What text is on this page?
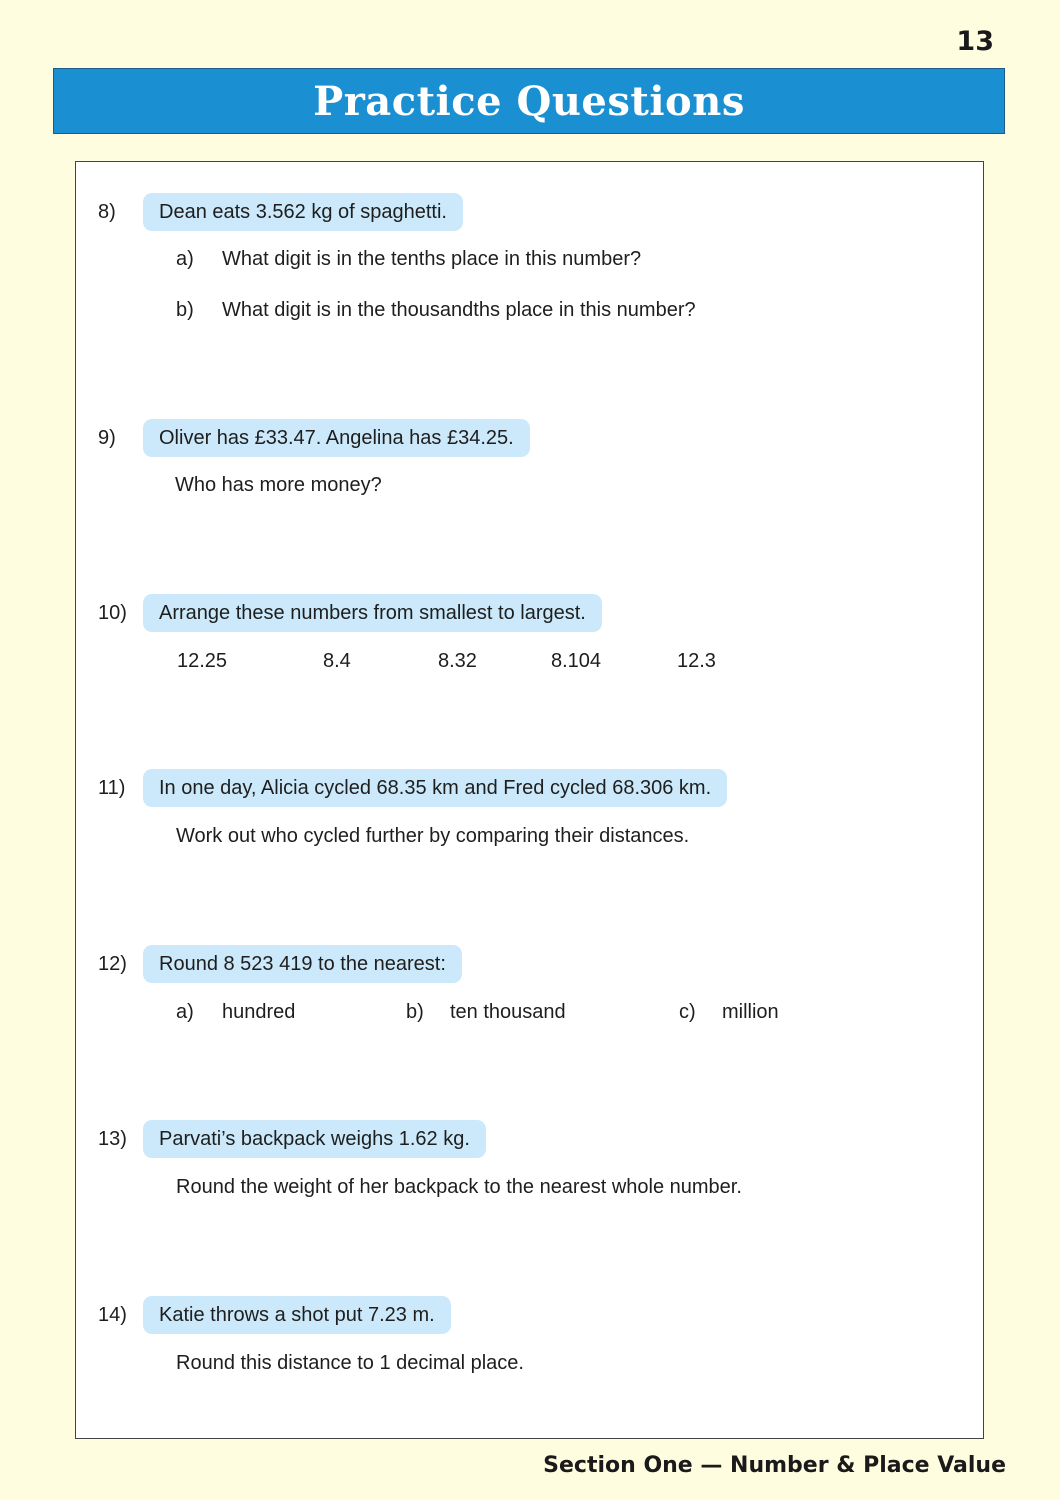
13
Practice Questions
8)	Dean eats 3.562 kg of spaghetti.
a) What digit is in the tenths place in this number?
b) What digit is in the thousandths place in this number?
9)	Oliver has £33.47. Angelina has £34.25.
Who has more money?
10)	Arrange these numbers from smallest to largest.
12.25	8.4	8.32	8.104	12.3
11)	In one day, Alicia cycled 68.35 km and Fred cycled 68.306 km.
Work out who cycled further by comparing their distances.
12)	Round 8 523 419 to the nearest:
a) hundred	b) ten thousand	c) million
13)	Parvati’s backpack weighs 1.62 kg.
Round the weight of her backpack to the nearest whole number.
14)	Katie throws a shot put 7.23 m.
Round this distance to 1 decimal place.
Section One — Number & Place Value
